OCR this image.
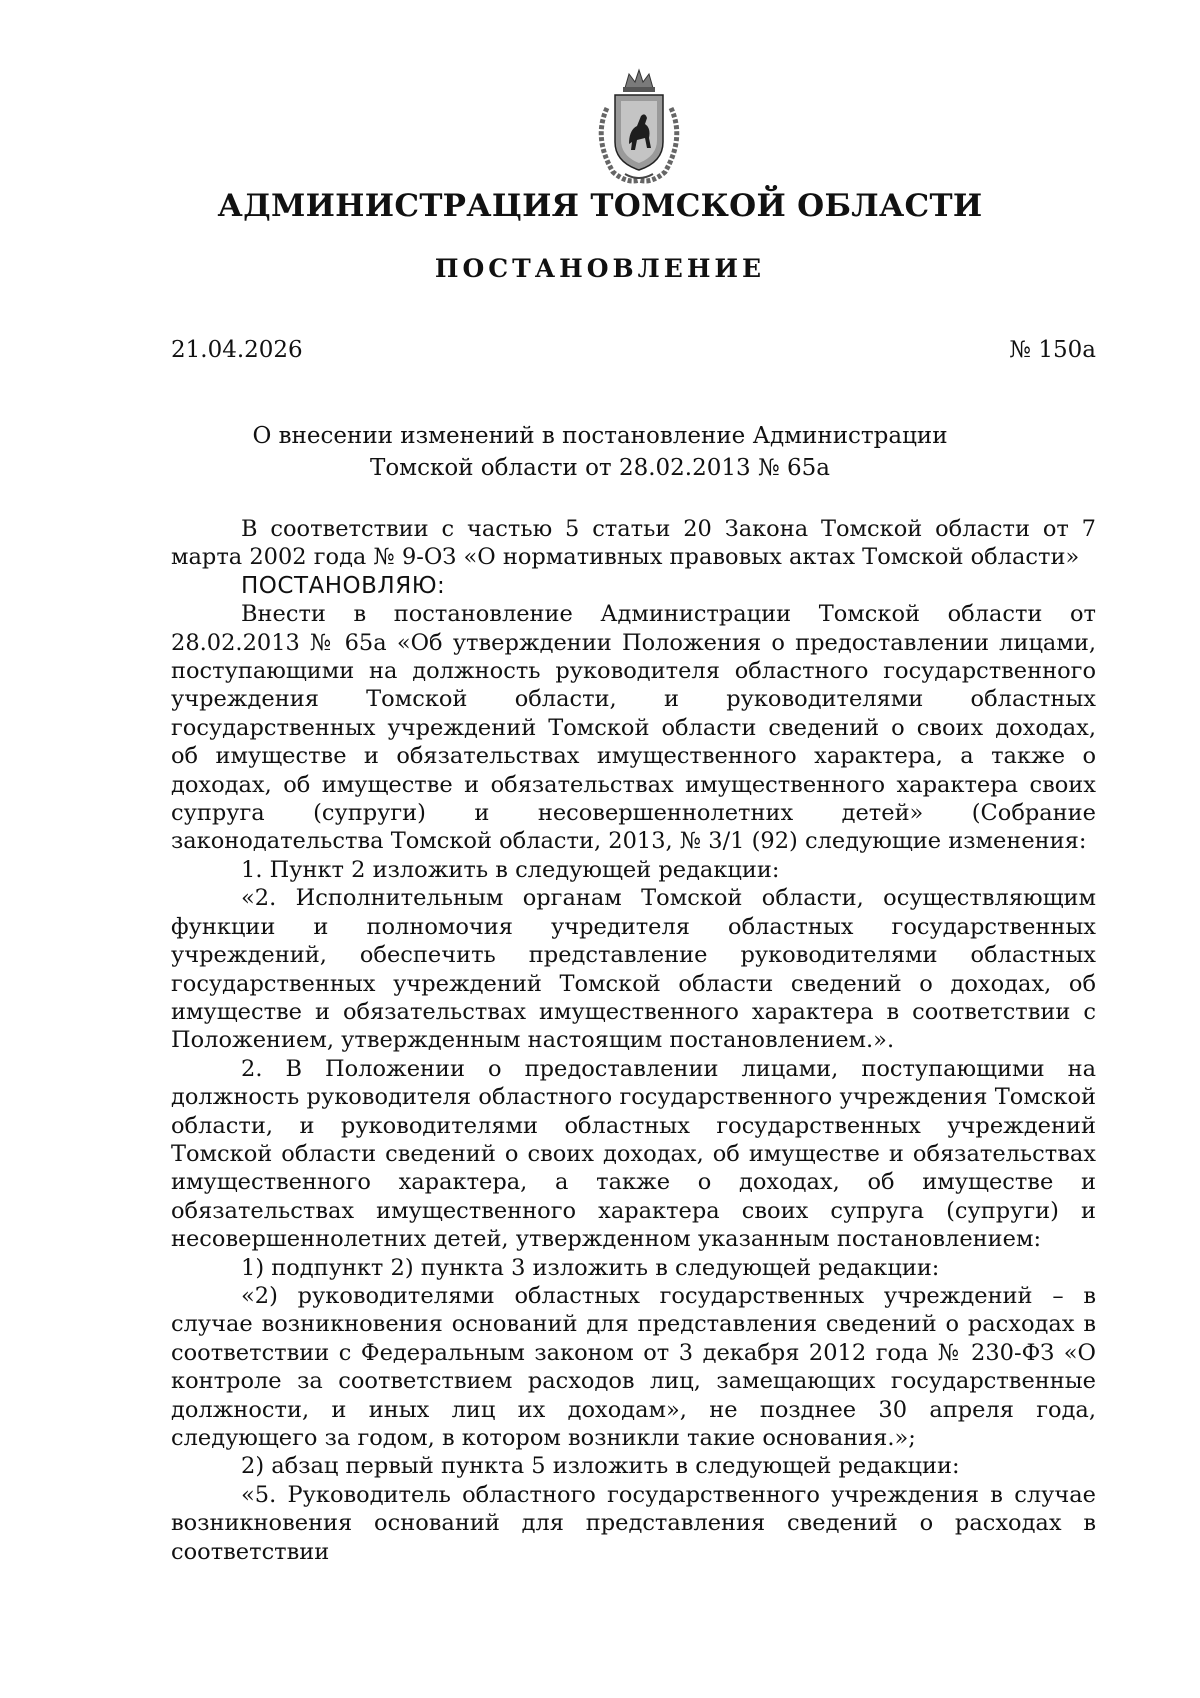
АДМИНИСТРАЦИЯ ТОМСКОЙ ОБЛАСТИ
ПОСТАНОВЛЕНИЕ
21.04.2026	№ 150а
О внесении изменений в постановление Администрации
Томской области от 28.02.2013 № 65а

В соответствии с частью 5 статьи 20 Закона Томской области от 7 марта 2002 года № 9-ОЗ «О нормативных правовых актах Томской области»

ПОСТАНОВЛЯЮ:

Внести в постановление Администрации Томской области от 28.02.2013 № 65а «Об утверждении Положения о предоставлении лицами, поступающими на должность руководителя областного государственного учреждения Томской области, и руководителями областных государственных учреждений Томской области сведений о своих доходах, об имуществе и обязательствах имущественного характера, а также о доходах, об имуществе и обязательствах имущественного характера своих супруга (супруги) и несовершеннолетних детей» (Собрание законодательства Томской области, 2013, № 3/1 (92) следующие изменения:

1. Пункт 2 изложить в следующей редакции:

«2. Исполнительным органам Томской области, осуществляющим функции и полномочия учредителя областных государственных учреждений, обеспечить представление руководителями областных государственных учреждений Томской области сведений о доходах, об имуществе и обязательствах имущественного характера в соответствии с Положением, утвержденным настоящим постановлением.».

2. В Положении о предоставлении лицами, поступающими на должность руководителя областного государственного учреждения Томской области, и руководителями областных государственных учреждений Томской области сведений о своих доходах, об имуществе и обязательствах имущественного характера, а также о доходах, об имуществе и обязательствах имущественного характера своих супруга (супруги) и несовершеннолетних детей, утвержденном указанным постановлением:

1) подпункт 2) пункта 3 изложить в следующей редакции:

«2) руководителями областных государственных учреждений – в случае возникновения оснований для представления сведений о расходах в соответствии с Федеральным законом от 3 декабря 2012 года № 230-ФЗ «О контроле за соответствием расходов лиц, замещающих государственные должности, и иных лиц их доходам», не позднее 30 апреля года, следующего за годом, в котором возникли такие основания.»;

2) абзац первый пункта 5 изложить в следующей редакции:

«5. Руководитель областного государственного учреждения в случае возникновения оснований для представления сведений о расходах в соответствии
